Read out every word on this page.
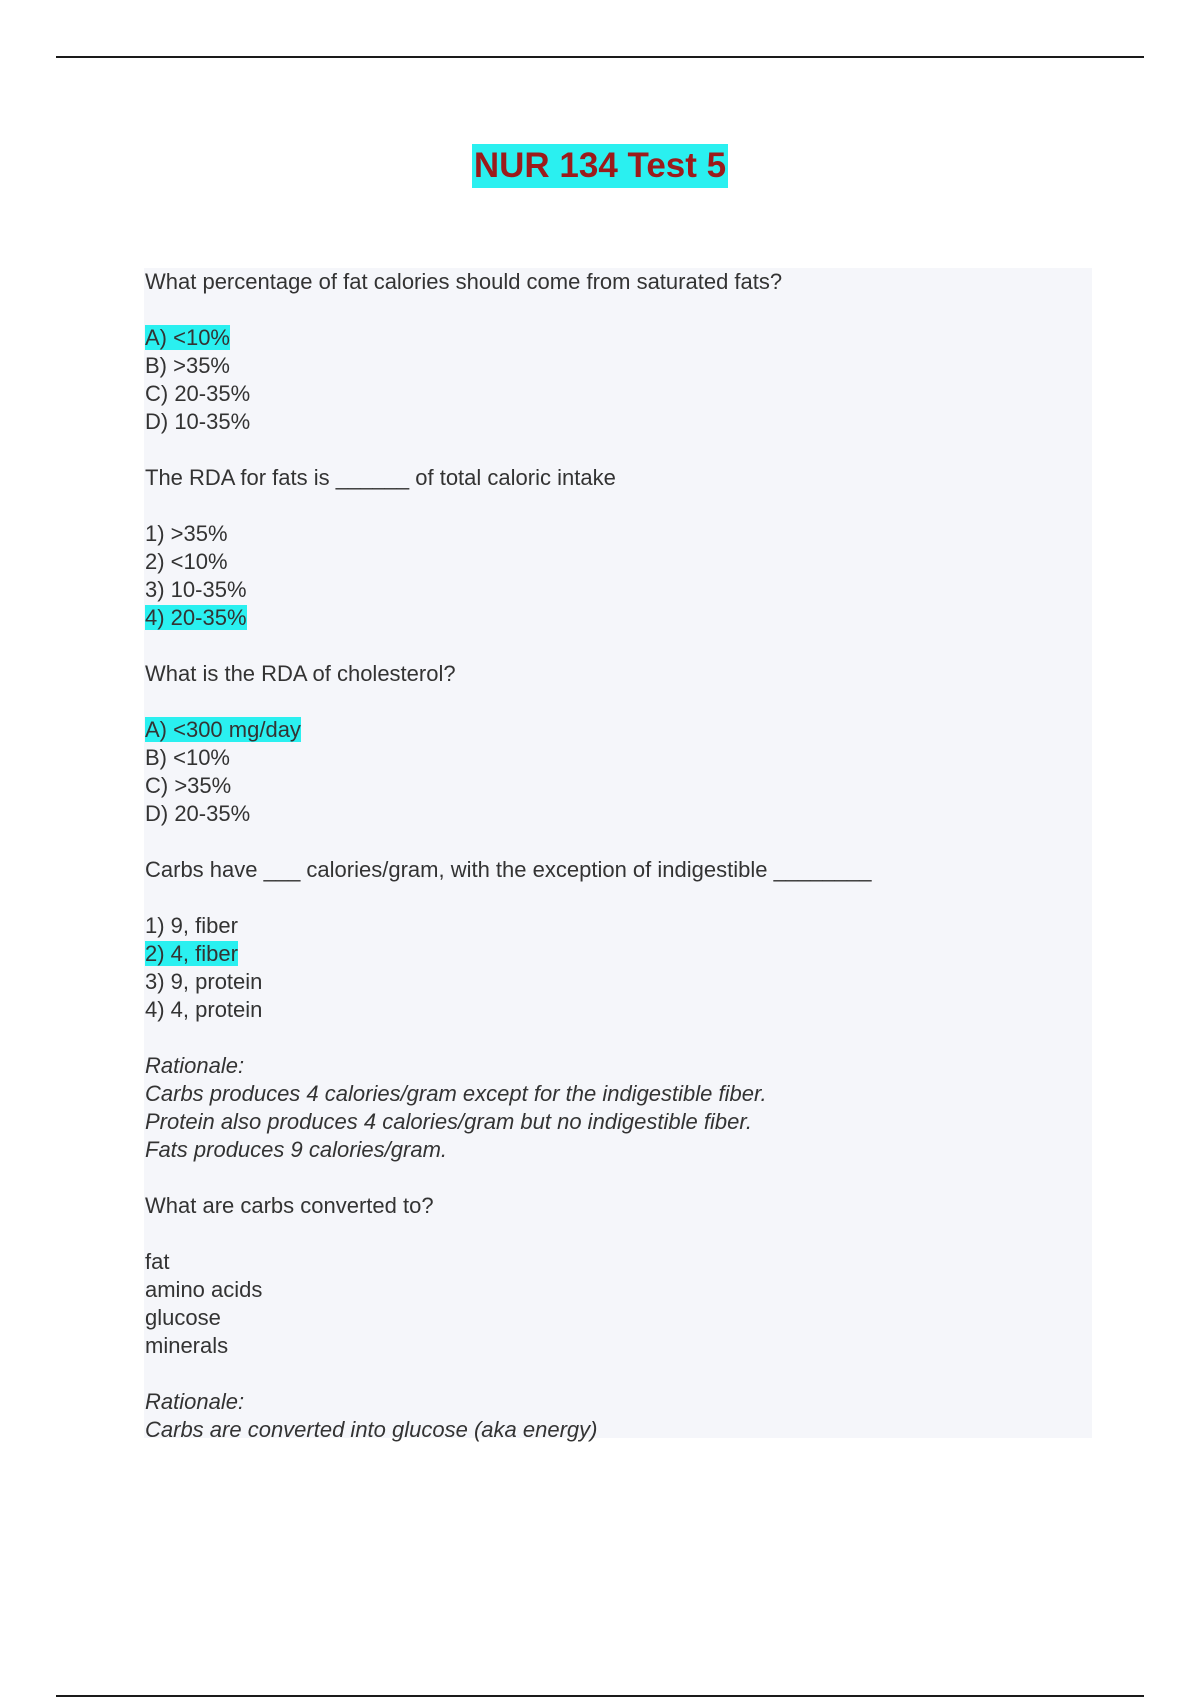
NUR 134 Test 5
What percentage of fat calories should come from saturated fats?
A) <10%
B) >35%
C) 20-35%
D) 10-35%
The RDA for fats is ______ of total caloric intake
1) >35%
2) <10%
3) 10-35%
4) 20-35%
What is the RDA of cholesterol?
A) <300 mg/day
B) <10%
C) >35%
D) 20-35%
Carbs have ___ calories/gram, with the exception of indigestible ________
1) 9, fiber
2) 4, fiber
3) 9, protein
4) 4, protein
Rationale:
Carbs produces 4 calories/gram except for the indigestible fiber.
Protein also produces 4 calories/gram but no indigestible fiber.
Fats produces 9 calories/gram.
What are carbs converted to?
fat
amino acids
glucose
minerals
Rationale:
Carbs are converted into glucose (aka energy)
